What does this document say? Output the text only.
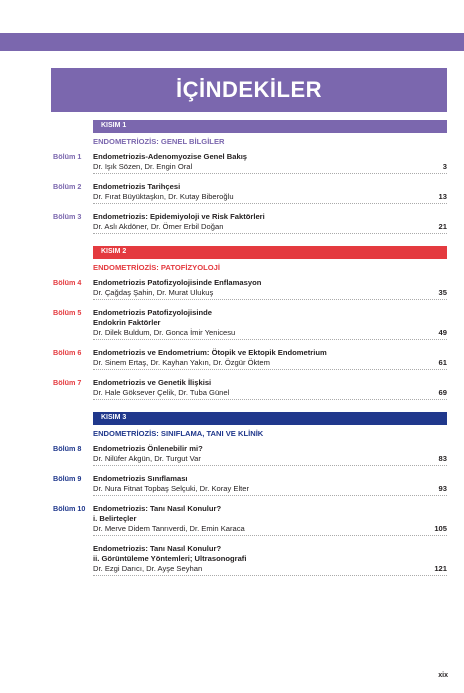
İÇİNDEKİLER
KISIM 1
ENDOMETRİOZİS: GENEL BİLGİLER
Bölüm 1 Endometriozis-Adenomyozise Genel Bakış
Dr. Işık Sözen, Dr. Engin Oral	3
Bölüm 2 Endometriozis Tarihçesi
Dr. Fırat Büyüktaşkın, Dr. Kutay Biberoğlu	13
Bölüm 3 Endometriozis: Epidemiyoloji ve Risk Faktörleri
Dr. Aslı Akdöner, Dr. Ömer Erbil Doğan	21
KISIM 2
ENDOMETRİOZİS: PATOFİZYOLOJİ
Bölüm 4 Endometriozis Patofizyolojisinde Enflamasyon
Dr. Çağdaş Şahin, Dr. Murat Ulukuş	35
Bölüm 5 Endometriozis Patofizyolojisinde
Endokrin Faktörler
Dr. Dilek Buldum, Dr. Gonca İmir Yenicesu	49
Bölüm 6 Endometriozis ve Endometrium: Ötopik ve Ektopik Endometrium
Dr. Sinem Ertaş, Dr. Kayhan Yakın, Dr. Özgür Öktem	61
Bölüm 7 Endometriozis ve Genetik İlişkisi
Dr. Hale Göksever Çelik, Dr. Tuba Günel	69
KISIM 3
ENDOMETRİOZİS: SINIFLAMA, TANI VE KLİNİK
Bölüm 8 Endometriozis Önlenebilir mi?
Dr. Nilüfer Akgün, Dr. Turgut Var	83
Bölüm 9 Endometriozis Sınıflaması
Dr. Nura Fitnat Topbaş Selçuki, Dr. Koray Elter	93
Bölüm 10 Endometriozis: Tanı Nasıl Konulur?
i. Belirteçler
Dr. Merve Didem Tanrıverdi, Dr. Emin Karaca	105
Endometriozis: Tanı Nasıl Konulur?
ii. Görüntüleme Yöntemleri; Ultrasonografi
Dr. Ezgi Darıcı, Dr. Ayşe Seyhan	121
xix
